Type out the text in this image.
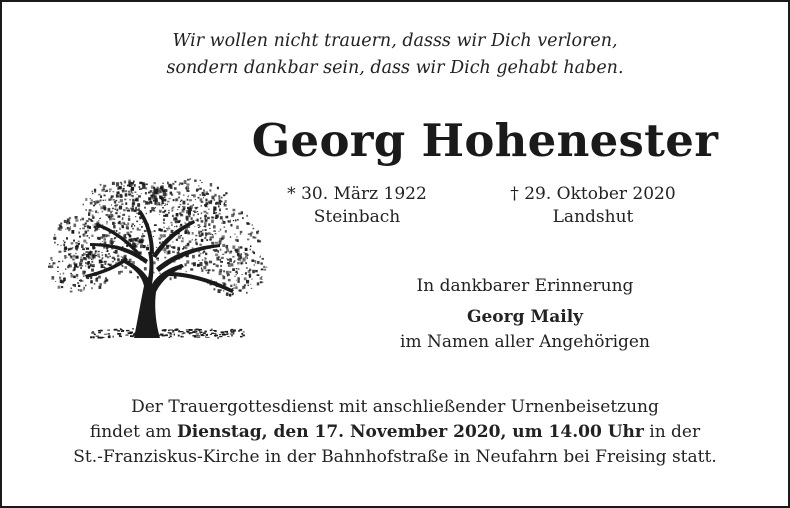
Wir wollen nicht trauern, dasss wir Dich verloren,
sondern dankbar sein, dass wir Dich gehabt haben.
Georg Hohenester
* 30. März 1922
Steinbach
† 29. Oktober 2020
Landshut
In dankbarer Erinnerung
Georg Maily
im Namen aller Angehörigen
Der Trauergottesdienst mit anschließender Urnenbeisetzung
findet am Dienstag, den 17. November 2020, um 14.00 Uhr in der
St.-Franziskus-Kirche in der Bahnhofstraße in Neufahrn bei Freising statt.
